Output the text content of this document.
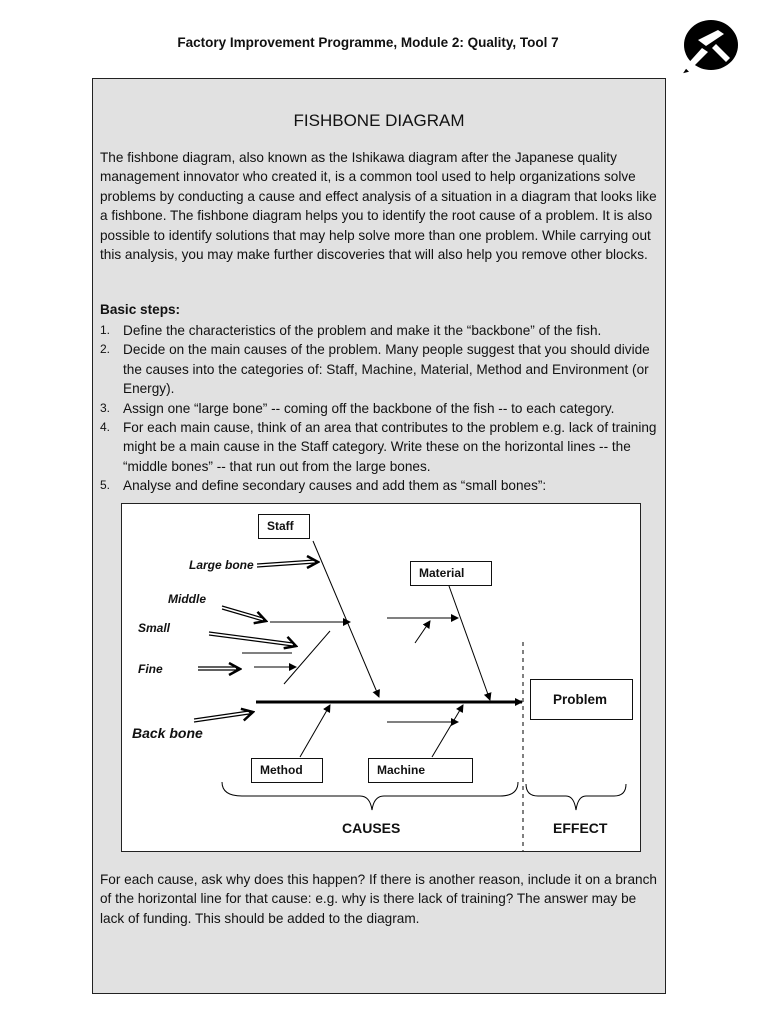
Factory Improvement Programme, Module 2: Quality, Tool 7
FISHBONE DIAGRAM
The fishbone diagram, also known as the Ishikawa diagram after the Japanese quality management innovator who created it, is a common tool used to help organizations solve problems by conducting a cause and effect analysis of a situation in a diagram that looks like a fishbone. The fishbone diagram helps you to identify the root cause of a problem. It is also possible to identify solutions that may help solve more than one problem. While carrying out this analysis, you may make further discoveries that will also help you remove other blocks.
Basic steps:
1. Define the characteristics of the problem and make it the “backbone” of the fish.
2. Decide on the main causes of the problem. Many people suggest that you should divide the causes into the categories of: Staff, Machine, Material, Method and Environment (or Energy).
3. Assign one “large bone” -- coming off the backbone of the fish -- to each category.
4. For each main cause, think of an area that contributes to the problem e.g. lack of training might be a main cause in the Staff category. Write these on the horizontal lines -- the “middle bones” -- that run out from the large bones.
5. Analyse and define secondary causes and add them as “small bones”:
Staff
Material
Problem
Method	Machine
Large bone
Middle
Small
Fine
Back bone
CAUSES	EFFECT
For each cause, ask why does this happen? If there is another reason, include it on a branch of the horizontal line for that cause: e.g. why is there lack of training? The answer may be lack of funding. This should be added to the diagram.
